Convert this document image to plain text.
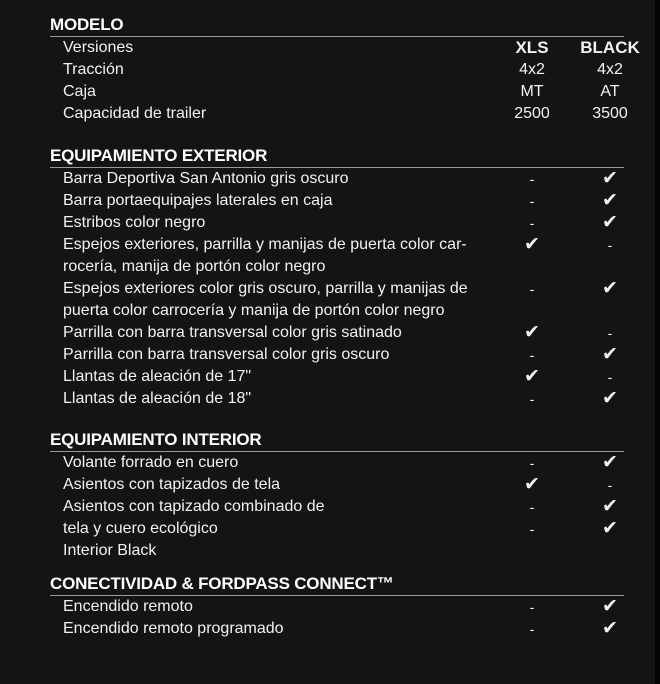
MODELO
Versiones	XLS	BLACK
Tracción	4x2	4x2
Caja	MT	AT
Capacidad de trailer	2500	3500
EQUIPAMIENTO EXTERIOR
Barra Deportiva San Antonio gris oscuro	-	✔
Barra portaequipajes laterales en caja	-	✔
Estribos color negro	-	✔
Espejos exteriores, parrilla y manijas de puerta color car-	✔	-
rocería, manija de portón color negro
Espejos exteriores color gris oscuro, parrilla y manijas de	-	✔
puerta color carrocería y manija de portón color negro
Parrilla con barra transversal color gris satinado	✔	-
Parrilla con barra transversal color gris oscuro	-	✔
Llantas de aleación de 17"	✔	-
Llantas de aleación de 18"	-	✔
EQUIPAMIENTO INTERIOR
Volante forrado en cuero	-	✔
Asientos con tapizados de tela	✔	-
Asientos con tapizado combinado de	-	✔
tela y cuero ecológico	-	✔
Interior Black
CONECTIVIDAD & FORDPASS CONNECT™
Encendido remoto	-	✔
Encendido remoto programado	-	✔
